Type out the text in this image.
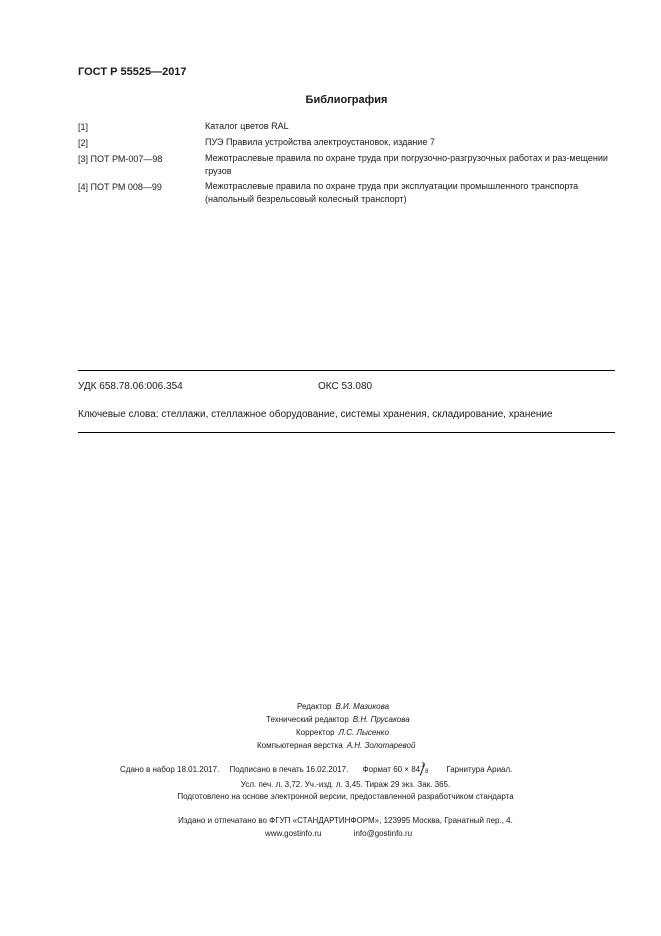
ГОСТ Р 55525—2017
Библиография
[1]	Каталог цветов RAL
[2]	ПУЭ Правила устройства электроустановок, издание 7
[3] ПОТ РМ-007—98	Межотраслевые правила по охране труда при погрузочно-разгрузочных работах и раз-мещении грузов
[4] ПОТ РМ 008—99	Межотраслевые правила по охране труда при эксплуатации промышленного транспорта (напольный безрельсовый колесный транспорт)
УДК 658.78.06:006.354	ОКС 53.080
Ключевые слова: стеллажи, стеллажное оборудование, системы хранения, складирование, хранение
Редактор В.И. Мазикова
Технический редактор В.Н. Прусакова
Корректор Л.С. Лысенко
Компьютерная верстка А.Н. Золотаревой
Сдано в набор 18.01.2017. Подписано в печать 16.02.2017. Формат 60 × 84 8 Гарнитура Ариал.
Усл. печ. л. 3,72. Уч.-изд. л. 3,45. Тираж 29 экз. Зак. 365.
Подготовлено на основе электронной версии, предоставленной разработчиком стандарта
Издано и отпечатано во ФГУП «СТАНДАРТИНФОРМ», 123995 Москва, Гранатный пер., 4.
www.gostinfo.ru	info@gostinfo.ru
